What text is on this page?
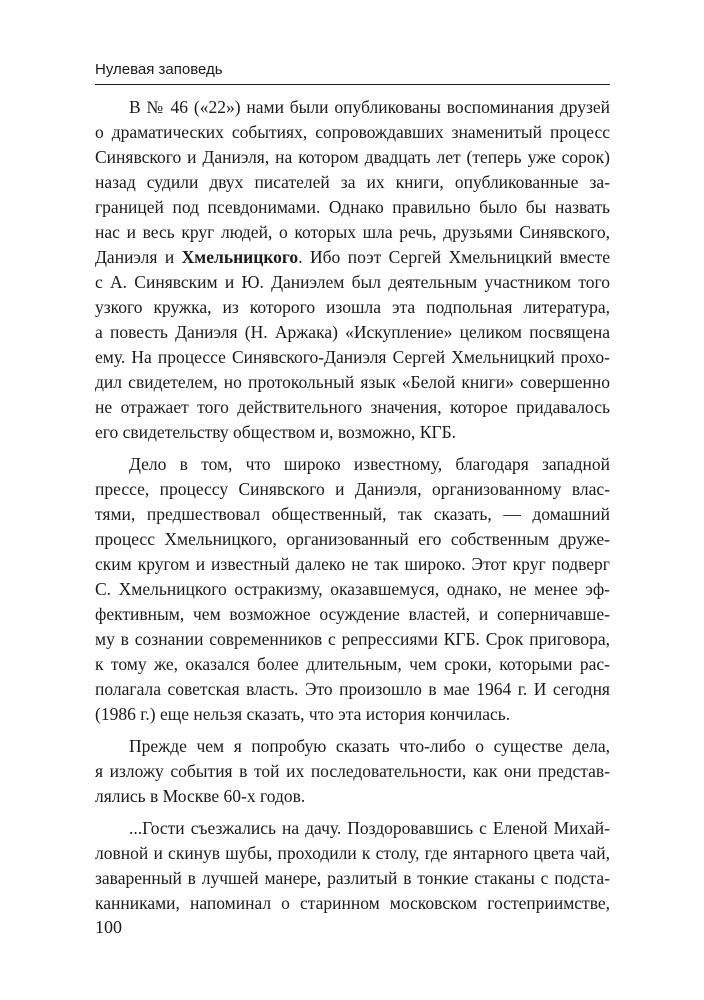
Нулевая заповедь
В № 46 («22») нами были опубликованы воспоминания друзей
о драматических событиях, сопровождавших знаменитый процесс
Синявского и Даниэля, на котором двадцать лет (теперь уже сорок)
назад судили двух писателей за их книги, опубликованные за-
границей под псевдонимами. Однако правильно было бы назвать
нас и весь круг людей, о которых шла речь, друзьями Синявского,
Даниэля и Хмельницкого. Ибо поэт Сергей Хмельницкий вместе
с А. Синявским и Ю. Даниэлем был деятельным участником того
узкого кружка, из которого изошла эта подпольная литература,
а повесть Даниэля (Н. Аржака) «Искупление» целиком посвящена
ему. На процессе Синявского-Даниэля Сергей Хмельницкий прохо-
дил свидетелем, но протокольный язык «Белой книги» совершенно
не отражает того действительного значения, которое придавалось
его свидетельству обществом и, возможно, КГБ.
Дело в том, что широко известному, благодаря западной
прессе, процессу Синявского и Даниэля, организованному влас-
тями, предшествовал общественный, так сказать, — домашний
процесс Хмельницкого, организованный его собственным друже-
ским кругом и известный далеко не так широко. Этот круг подверг
С. Хмельницкого остракизму, оказавшемуся, однако, не менее эф-
фективным, чем возможное осуждение властей, и соперничавше-
му в сознании современников с репрессиями КГБ. Срок приговора,
к тому же, оказался более длительным, чем сроки, которыми рас-
полагала советская власть. Это произошло в мае 1964 г. И сегодня
(1986 г.) еще нельзя сказать, что эта история кончилась.
Прежде чем я попробую сказать что-либо о существе дела,
я изложу события в той их последовательности, как они представ-
лялись в Москве 60-х годов.
...Гости съезжались на дачу. Поздоровавшись с Еленой Михай-
ловной и скинув шубы, проходили к столу, где янтарного цвета чай,
заваренный в лучшей манере, разлитый в тонкие стаканы с подста-
канниками, напоминал о старинном московском гостеприимстве,
100
